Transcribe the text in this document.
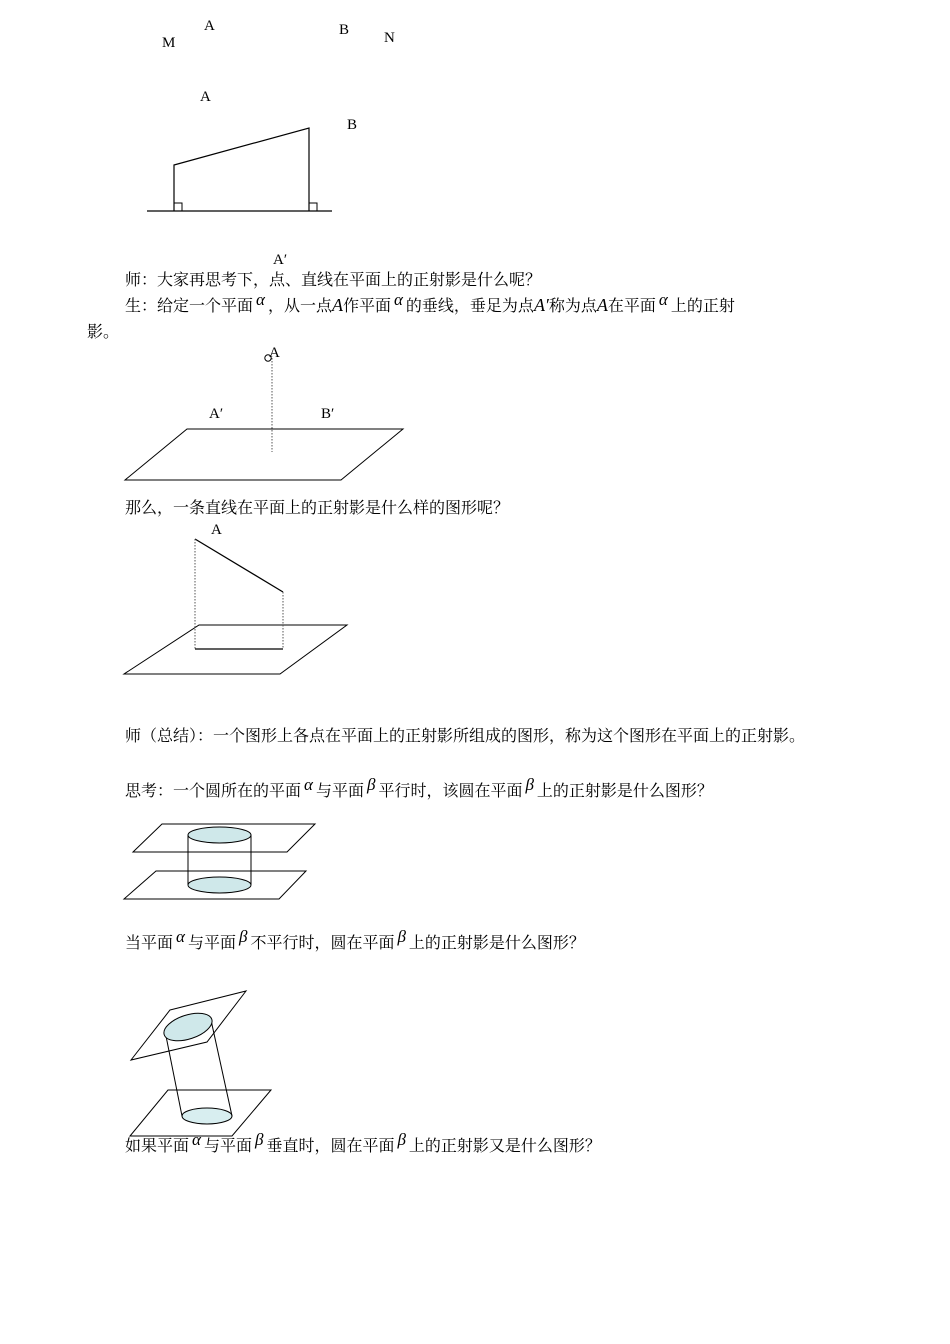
M
A	B N
A
B
A′
师：大家再思考下，点、直线在平面上的正射影是什么呢？
生：给定一个平面 α ，从一点A作平面 α 的垂线，垂足为点A′称为点A在平面 α 上的正射
影。
A
A′	B′
那么，一条直线在平面上的正射影是什么样的图形呢？
A
师（总结）：一个图形上各点在平面上的正射影所组成的图形，称为这个图形在平面上的正射影。
思考：一个圆所在的平面 α 与平面 β 平行时，该圆在平面 β 上的正射影是什么图形？
当平面 α 与平面 β 不平行时，圆在平面 β 上的正射影是什么图形？
如果平面 α 与平面 β 垂直时，圆在平面 β 上的正射影又是什么图形？
